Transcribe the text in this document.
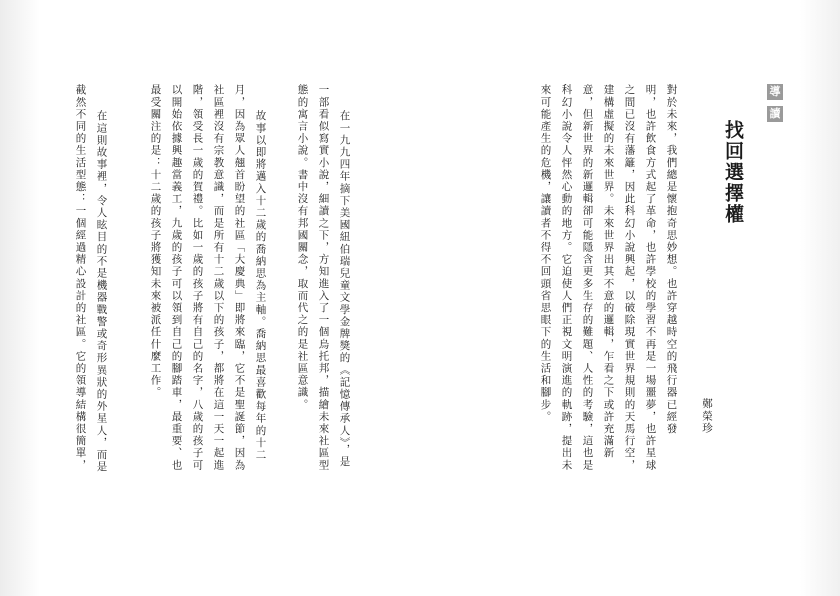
導
讀
找回選擇權
鄭榮珍
對於未來，我們總是懷抱奇思妙想。也許穿越時空的飛行器已經發
明，也許飲食方式起了革命，也許學校的學習不再是一場噩夢，也許星球
之間已沒有藩籬，因此科幻小說興起，以破除現實世界規則的天馬行空，
建構虛擬的未來世界。未來世界出其不意的邏輯，乍看之下或許充滿新
意，但新世界的新邏輯卻可能隱含更多生存的難題、人性的考驗，這也是
科幻小說令人怦然心動的地方。它迫使人們正視文明演進的軌跡，提出未
來可能產生的危機，讓讀者不得不回頭省思眼下的生活和腳步。
在一九九四年摘下美國紐伯瑞兒童文學金牌獎的《記憶傳承人》，是
一部看似寫實小說，細讀之下，方知進入了一個烏托邦，描繪未來社區型
態的寓言小說。書中沒有邦國關念，取而代之的是社區意識。
故事以即將邁入十二歲的喬納思為主軸。喬納思最喜歡每年的十二
月，因為眾人翹首盼望的社區「大慶典」即將來臨，它不是聖誕節，因為
社區裡沒有宗教意識，而是所有十二歲以下的孩子，都將在這一天一起進
階，領受長一歲的賀禮。比如一歲的孩子將有自己的名字，八歲的孩子可
以開始依據興趣當義工，九歲的孩子可以領到自己的腳踏車，最重要、也
最受關注的是：十二歲的孩子將獲知未來被派任什麼工作。
在這則故事裡，令人眩目的不是機器戰警或奇形異狀的外星人，而是
截然不同的生活型態：一個經過精心設計的社區。它的領導結構很簡單，
